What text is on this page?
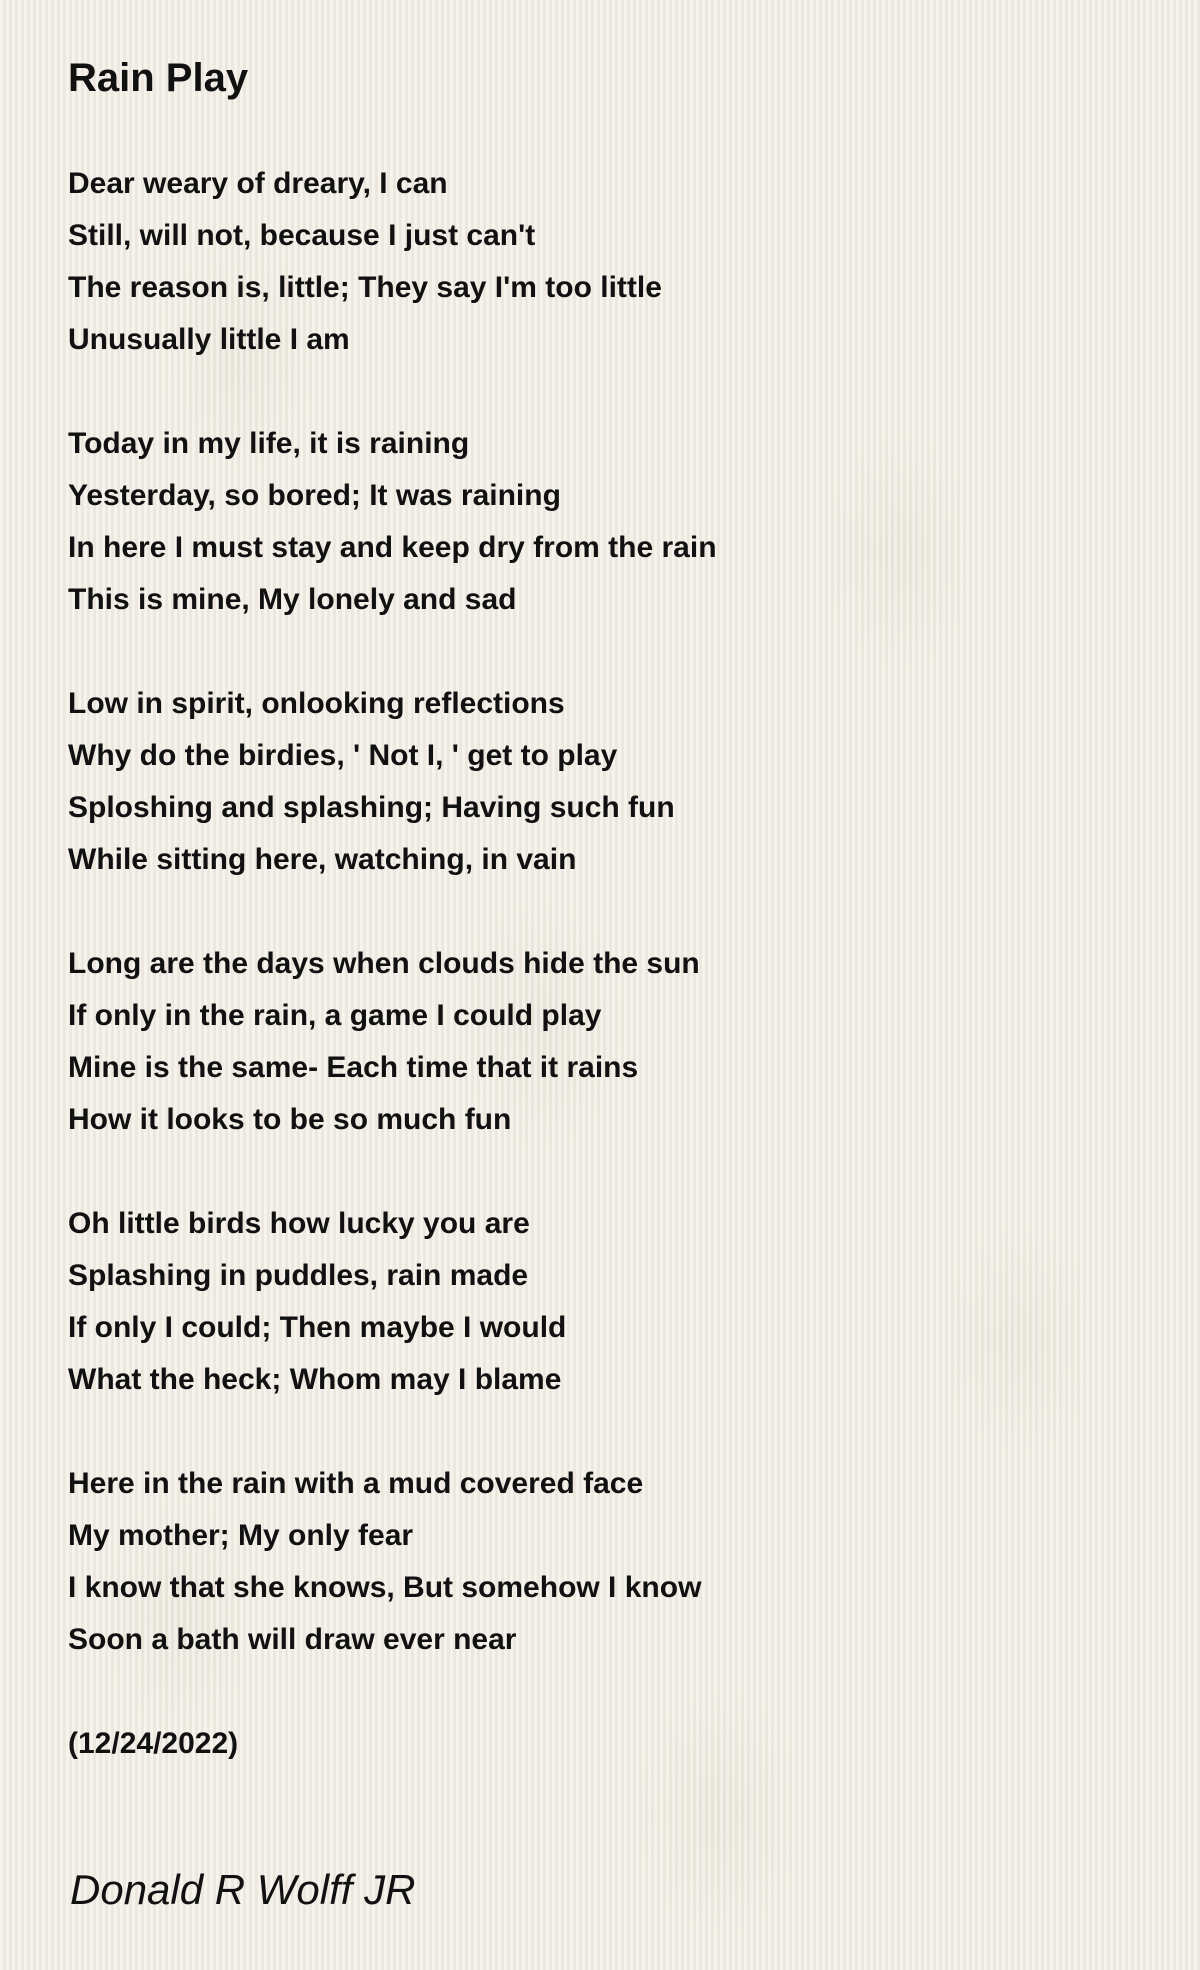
Rain Play
Dear weary of dreary, I can
Still, will not, because I just can't
The reason is, little; They say I'm too little
Unusually little I am
Today in my life, it is raining
Yesterday, so bored; It was raining
In here I must stay and keep dry from the rain
This is mine, My lonely and sad
Low in spirit, onlooking reflections
Why do the birdies, ' Not I, ' get to play
Sploshing and splashing; Having such fun
While sitting here, watching, in vain
Long are the days when clouds hide the sun
If only in the rain, a game I could play
Mine is the same- Each time that it rains
How it looks to be so much fun
Oh little birds how lucky you are
Splashing in puddles, rain made
If only I could; Then maybe I would
What the heck; Whom may I blame
Here in the rain with a mud covered face
My mother; My only fear
I know that she knows, But somehow I know
Soon a bath will draw ever near
(12/24/2022)

Donald R Wolff JR
